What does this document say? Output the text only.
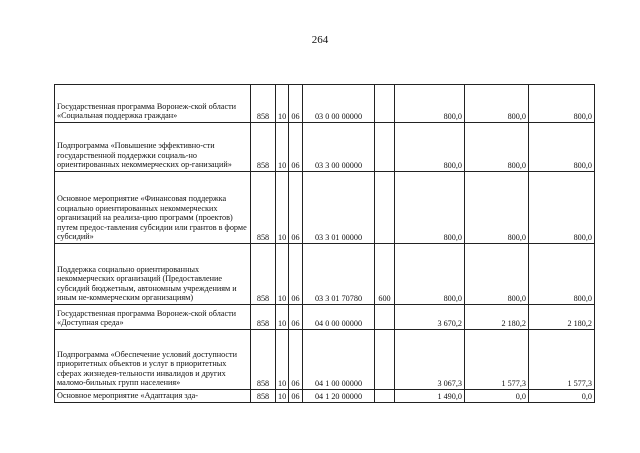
264
Государственная программа Воронеж-ской области «Социальная поддержка граждан»	858	10	06	03 0 00 00000		800,0	800,0	800,0
Подпрограмма «Повышение эффективно-сти государственной поддержки социаль-но ориентированных некоммерческих ор-ганизаций»	858	10	06	03 3 00 00000		800,0	800,0	800,0
Основное мероприятие «Финансовая поддержка социально ориентированных некоммерческих организаций на реализа-цию программ (проектов) путем предос-тавления субсидии или грантов в форме субсидий»	858	10	06	03 3 01 00000		800,0	800,0	800,0
Поддержка социально ориентированных некоммерческих организаций (Предоставление субсидий бюджетным, автономным учреждениям и иным не-коммерческим организациям)	858	10	06	03 3 01 70780	600	800,0	800,0	800,0
Государственная программа Воронеж-ской области «Доступная среда»	858	10	06	04 0 00 00000		3 670,2	2 180,2	2 180,2
Подпрограмма «Обеспечение условий доступности приоритетных объектов и услуг в приоритетных сферах жизнедея-тельности инвалидов и других маломо-бильных групп населения»	858	10	06	04 1 00 00000		3 067,3	1 577,3	1 577,3
Основное мероприятие «Адаптация зда-	858	10	06	04 1 20 00000		1 490,0	0,0	0,0
